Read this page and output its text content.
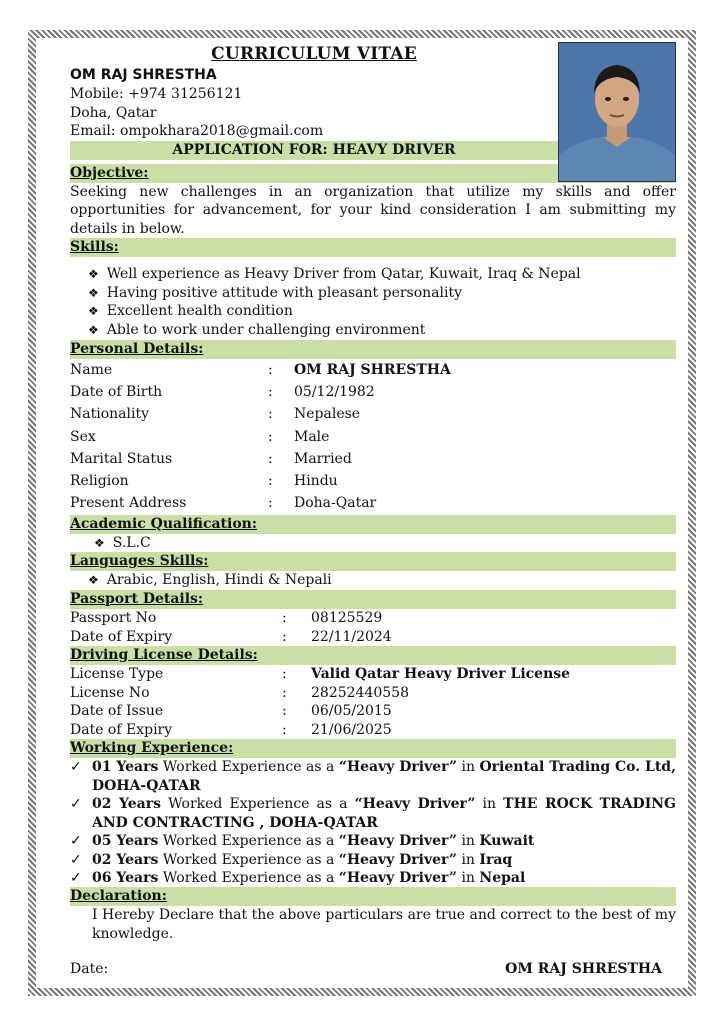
CURRICULUM VITAE
OM RAJ SHRESTHA
Mobile: +974 31256121
Doha, Qatar
Email: ompokhara2018@gmail.com
APPLICATION FOR: HEAVY DRIVER
Objective:
Seeking new challenges in an organization that utilize my skills and offer opportunities for advancement, for your kind consideration I am submitting my details in below.
Skills:
❖ Well experience as Heavy Driver from Qatar, Kuwait, Iraq & Nepal
❖ Having positive attitude with pleasant personality
❖ Excellent health condition
❖ Able to work under challenging environment
Personal Details:
Name	:	OM RAJ SHRESTHA
Date of Birth	:	05/12/1982
Nationality	:	Nepalese
Sex	:	Male
Marital Status	:	Married
Religion	:	Hindu
Present Address	:	Doha-Qatar
Academic Qualification:
❖ S.L.C
Languages Skills:
❖ Arabic, English, Hindi & Nepali
Passport Details:
Passport No	:	08125529
Date of Expiry	:	22/11/2024
Driving License Details:
License Type	:	Valid Qatar Heavy Driver License
License No	:	28252440558
Date of Issue	:	06/05/2015
Date of Expiry	:	21/06/2025
Working Experience:
✓ 01 Years Worked Experience as a “Heavy Driver” in Oriental Trading Co. Ltd, DOHA-QATAR
✓ 02 Years Worked Experience as a “Heavy Driver” in THE ROCK TRADING AND CONTRACTING , DOHA-QATAR
✓ 05 Years Worked Experience as a “Heavy Driver” in Kuwait
✓ 02 Years Worked Experience as a “Heavy Driver” in Iraq
✓ 06 Years Worked Experience as a “Heavy Driver” in Nepal
Declaration:
I Hereby Declare that the above particulars are true and correct to the best of my knowledge.
Date:	OM RAJ SHRESTHA
